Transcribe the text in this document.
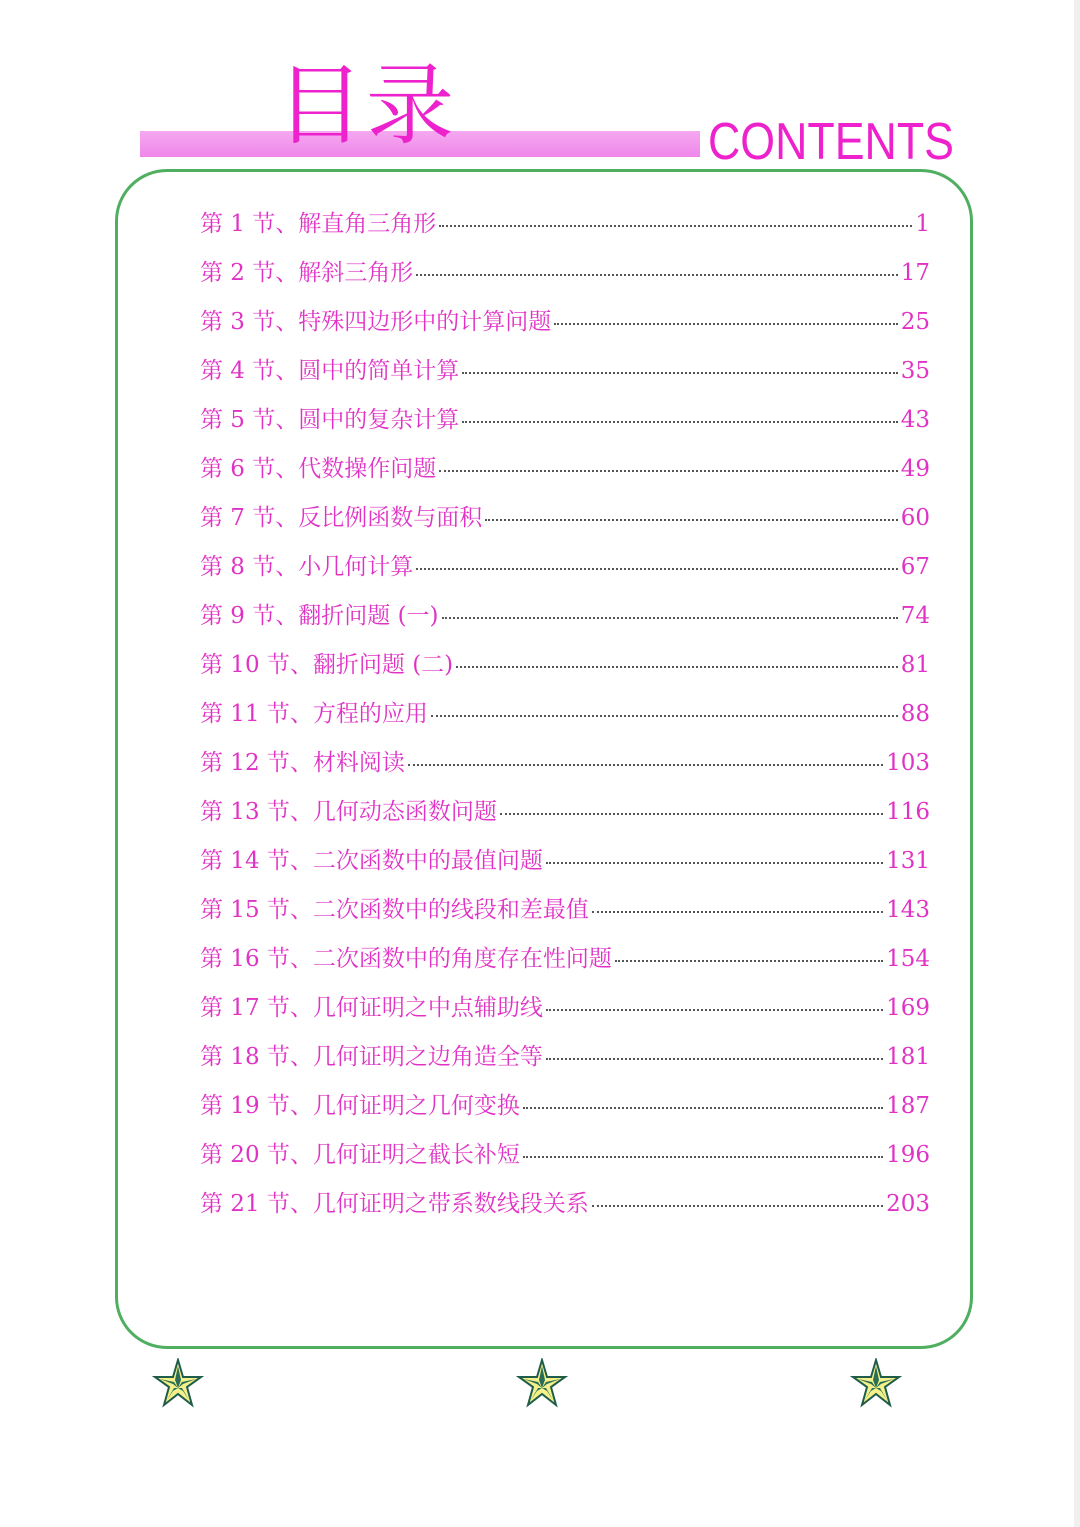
目录	CONTENTS
第 1 节、解直角三角形	1
第 2 节、解斜三角形	17
第 3 节、特殊四边形中的计算问题	25
第 4 节、圆中的简单计算	35
第 5 节、圆中的复杂计算	43
第 6 节、代数操作问题	49
第 7 节、反比例函数与面积	60
第 8 节、小几何计算	67
第 9 节、翻折问题 (一)	74
第 10 节、翻折问题 (二)	81
第 11 节、方程的应用	88
第 12 节、材料阅读	103
第 13 节、几何动态函数问题	116
第 14 节、二次函数中的最值问题	131
第 15 节、二次函数中的线段和差最值	143
第 16 节、二次函数中的角度存在性问题	154
第 17 节、几何证明之中点辅助线	169
第 18 节、几何证明之边角造全等	181
第 19 节、几何证明之几何变换	187
第 20 节、几何证明之截长补短	196
第 21 节、几何证明之带系数线段关系	203
